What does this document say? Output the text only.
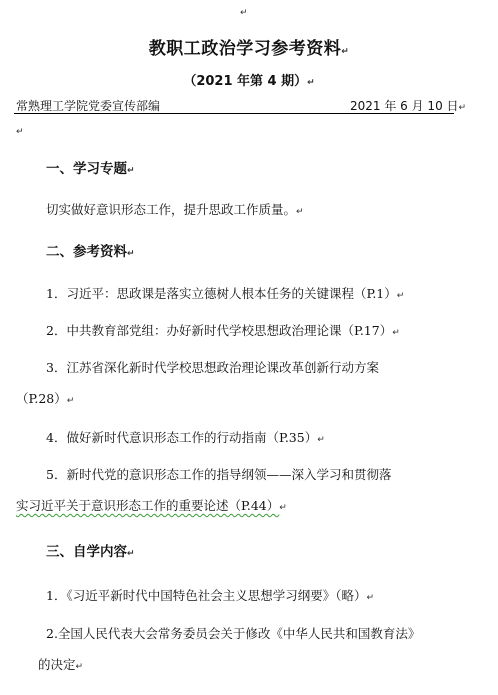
↵
教职工政治学习参考资料↵
（2021 年第 4 期）↵
常熟理工学院党委宣传部编	2021 年 6 月 10 日↵
↵
一、学习专题↵
切实做好意识形态工作，提升思政工作质量。↵
二、参考资料↵
1．习近平：思政课是落实立德树人根本任务的关键课程（P.1）↵
2．中共教育部党组：办好新时代学校思想政治理论课（P.17）↵
3．江苏省深化新时代学校思想政治理论课改革创新行动方案
（P.28）↵
4．做好新时代意识形态工作的行动指南（P.35）↵
5．新时代党的意识形态工作的指导纲领——深入学习和贯彻落
实习近平关于意识形态工作的重要论述（P.44）↵
三、自学内容↵
1．《习近平新时代中国特色社会主义思想学习纲要》（略）↵
2.全国人民代表大会常务委员会关于修改《中华人民共和国教育法》
的决定↵
